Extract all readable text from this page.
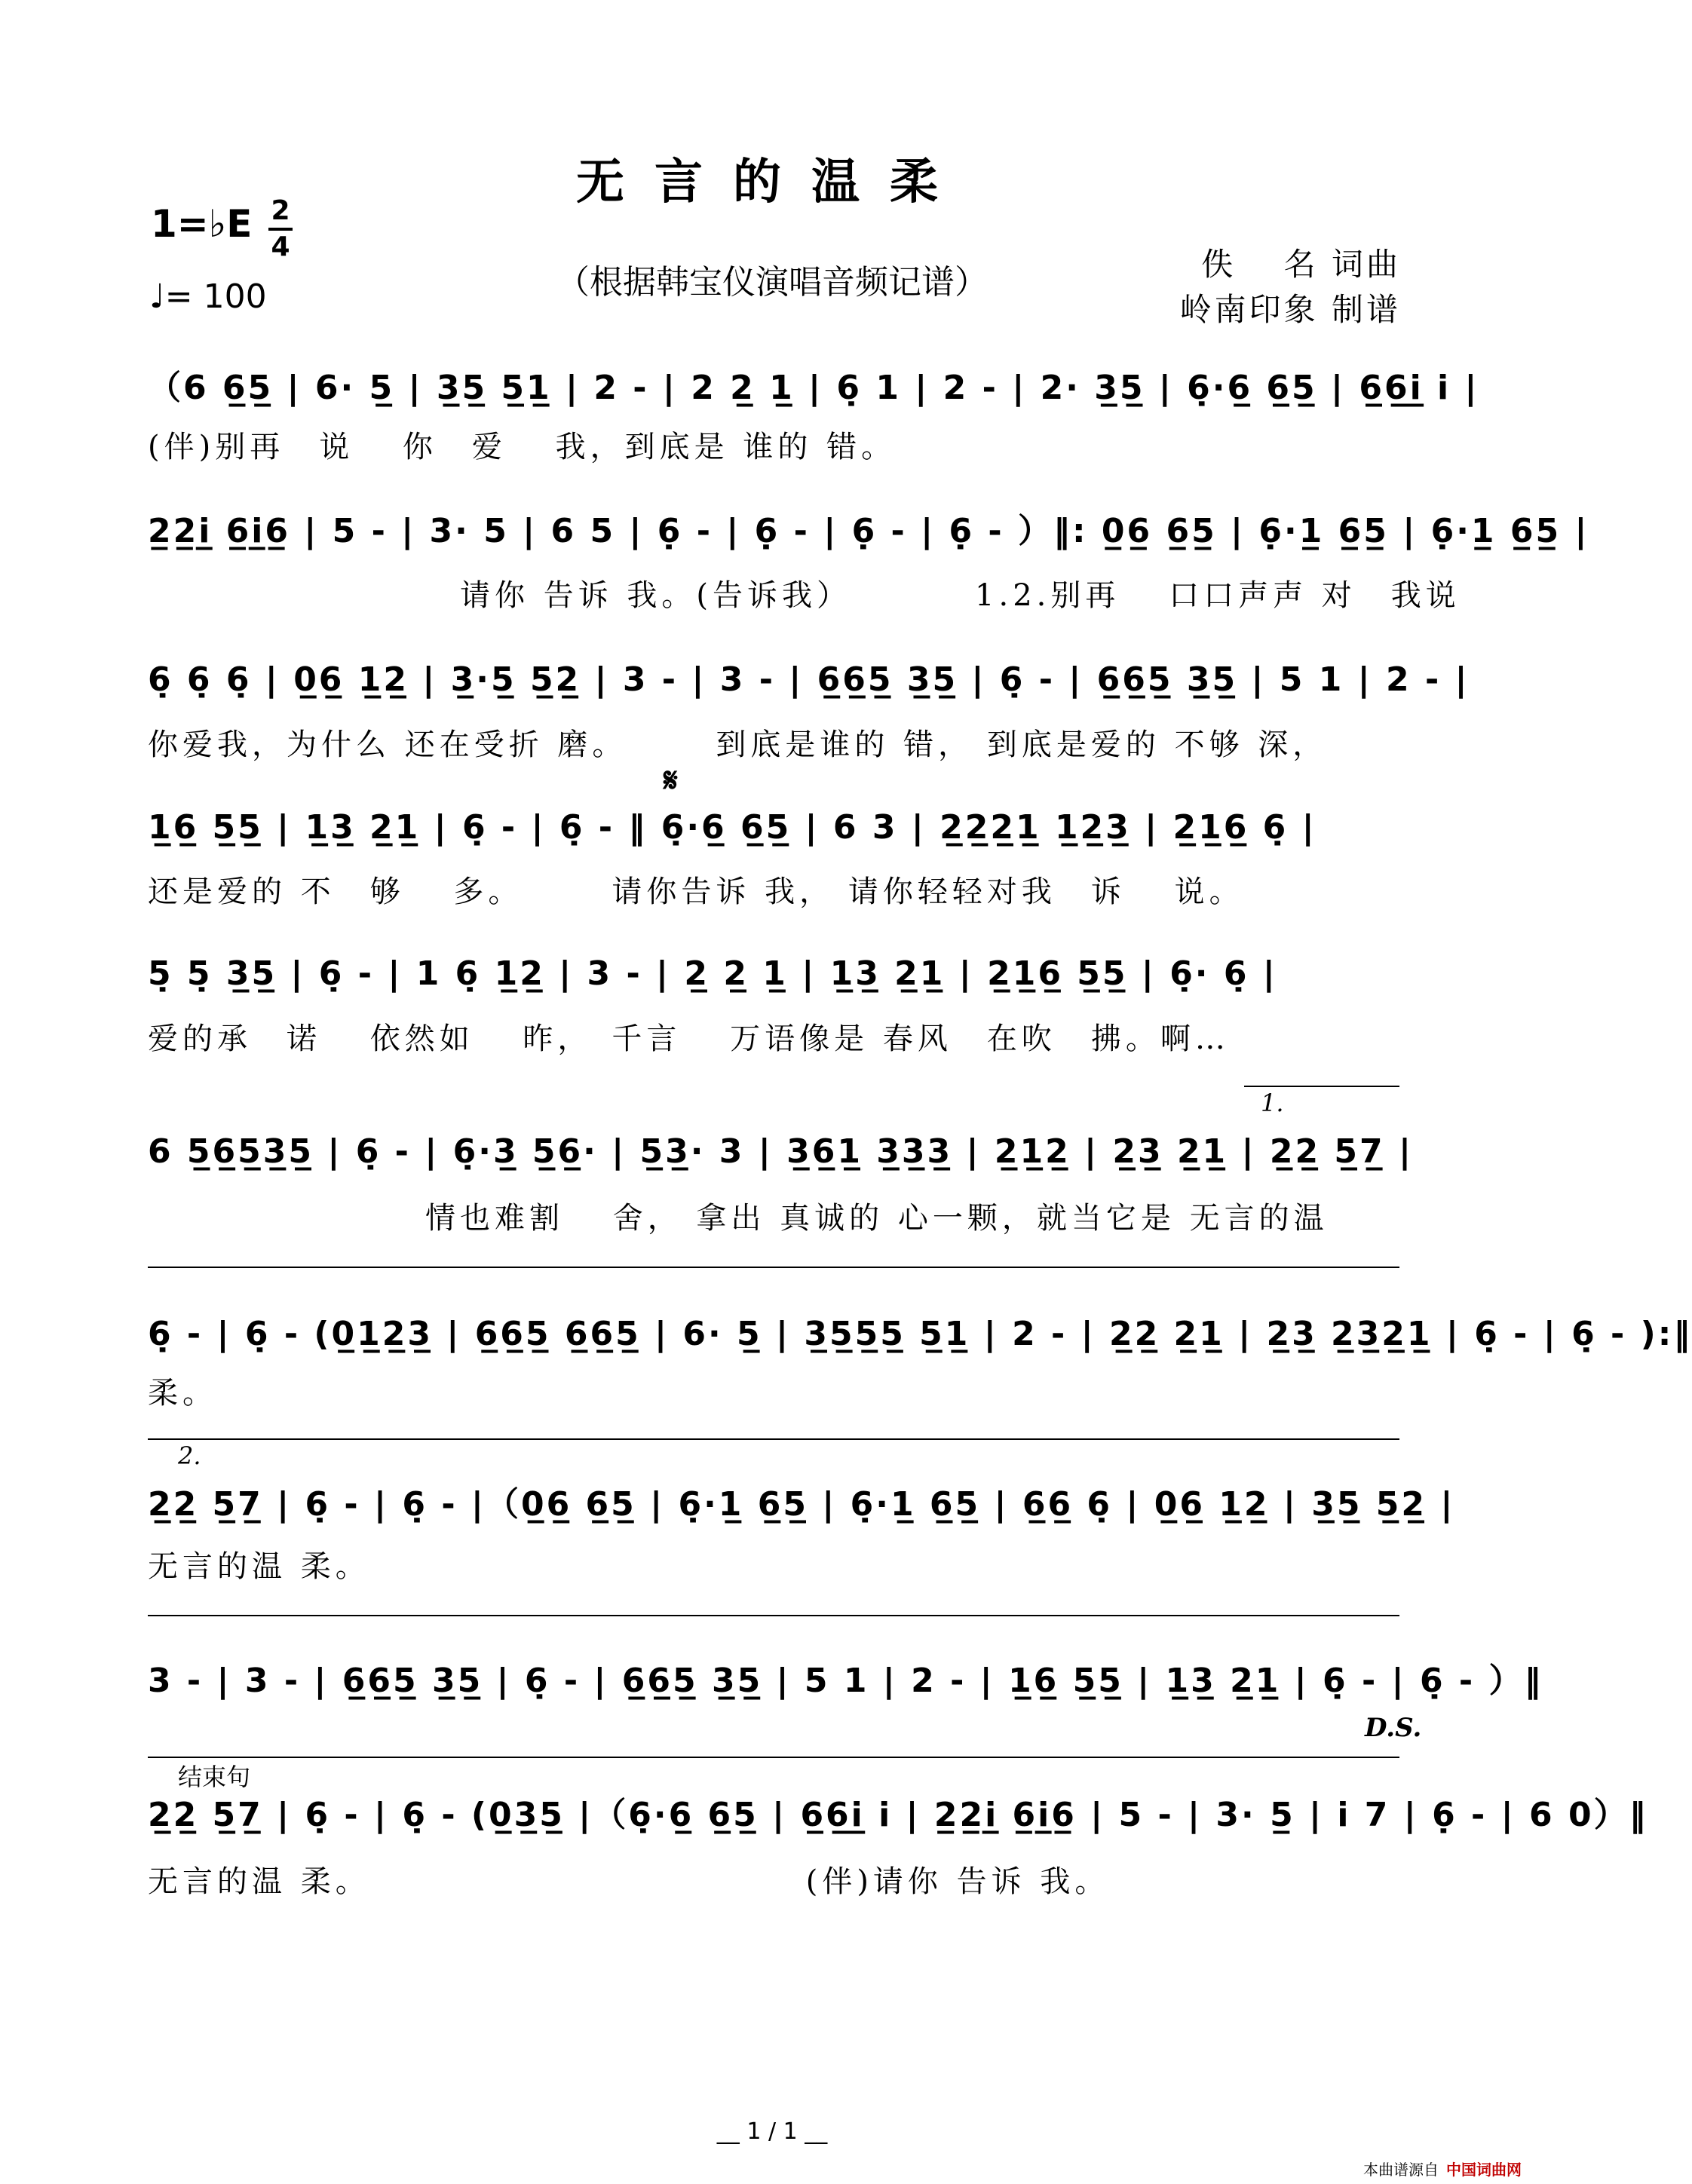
无言的温柔
1=♭E 2
4
♩= 100	（根据韩宝仪演唱音频记谱）	佚　 名 词曲
岭南印象 制谱
（6 6̲5̲ | 6· 5̲ | 3̲5̲ 5̲1̲ | 2 - | 2 2̲ 1̲ | 6̣ 1 | 2 - | 2· 3̲5̲ | 6̣·6̲ 6̲5̲ | 6̲6̲i̲ i |
(伴)别再　说　 你　爱　 我，到底是 谁的 错。
2̲2̲i̲ 6̲i̲6̲ | 5 - | 3· 5 | 6 5 | 6̣ - | 6̣ - | 6̣ - | 6̣ - ）‖: 0̲6̲ 6̲5̲ | 6̣·1̲ 6̲5̲ | 6̣·1̲ 6̲5̲ |
　　　　　　　　　请你 告诉 我。(告诉我）　　　　1.2.别再　 口口声声 对　我说
6̣ 6̣ 6̣ | 0̲6̲ 1̲2̲ | 3̲·5̲ 5̲2̲ | 3 - | 3 - | 6̲6̲5̲ 3̲5̲ | 6̣ - | 6̲6̲5̲ 3̲5̲ | 5 1 | 2 - |
你爱我，为什么 还在受折 磨。　　　到底是谁的 错， 到底是爱的 不够 深，
𝄋
1̲6̲ 5̲5̲ | 1̲3̲ 2̲1̲ | 6̣ - | 6̣ - ‖ 6̣·6̲ 6̲5̲ | 6 3 | 2̲2̲2̲1̲ 1̲2̲3̲ | 2̲1̲6̲ 6̣ |
还是爱的 不　够　 多。　　　请你告诉 我， 请你轻轻对我　诉　 说。
5̣ 5̣ 3̲5̲ | 6̣ - | 1 6̣ 1̲2̲ | 3 - | 2̲ 2̲ 1̲ | 1̲3̲ 2̲1̲ | 2̲1̲6̲ 5̲5̲ | 6̣· 6̣ |
爱的承　诺　 依然如　 昨，　千言　 万语像是 春风　在吹　拂。啊…
1.
6 5̲6̲5̲3̲5̲ | 6̣ - | 6̣·3̲ 5̲6̲· | 5̲3̲· 3 | 3̲6̲1̲ 3̲3̲3̲ | 2̲1̲2̲ | 2̲3̲ 2̲1̲ | 2̲2̲ 5̲7̲ |
　　　　　　　　情也难割　 舍， 拿出 真诚的 心一颗，就当它是 无言的温
6̣ - | 6̣ - (0̲1̲2̲3̲ | 6̲6̲5̲ 6̲6̲5̲ | 6· 5̲ | 3̲5̲5̲5̲ 5̲1̲ | 2 - | 2̲2̲ 2̲1̲ | 2̲3̲ 2̲3̲2̲1̲ | 6̣ - | 6̣ - ):‖
柔。
2.
2̲2̲ 5̲7̲ | 6̣ - | 6̣ - |（0̲6̲ 6̲5̲ | 6̣·1̲ 6̲5̲ | 6̣·1̲ 6̲5̲ | 6̲6̲ 6̣ | 0̲6̲ 1̲2̲ | 3̲5̲ 5̲2̲ |
无言的温 柔。
3 - | 3 - | 6̲6̲5̲ 3̲5̲ | 6̣ - | 6̲6̲5̲ 3̲5̲ | 5 1 | 2 - | 1̲6̲ 5̲5̲ | 1̲3̲ 2̲1̲ | 6̣ - | 6̣ - ）‖
D.S.
结束句
2̲2̲ 5̲7̲ | 6̣ - | 6̣ - (0̲3̲5̲ |（6̣·6̲ 6̲5̲ | 6̲6̲i̲ i | 2̲2̲i̲ 6̲i̲6̲ | 5 - | 3· 5̲ | i 7 | 6̣ - | 6 0）‖
无言的温 柔。　　　　　　　　　　　　　(伴)请你 告诉 我。
__ 1 / 1 __
本曲谱源自 中国词曲网
